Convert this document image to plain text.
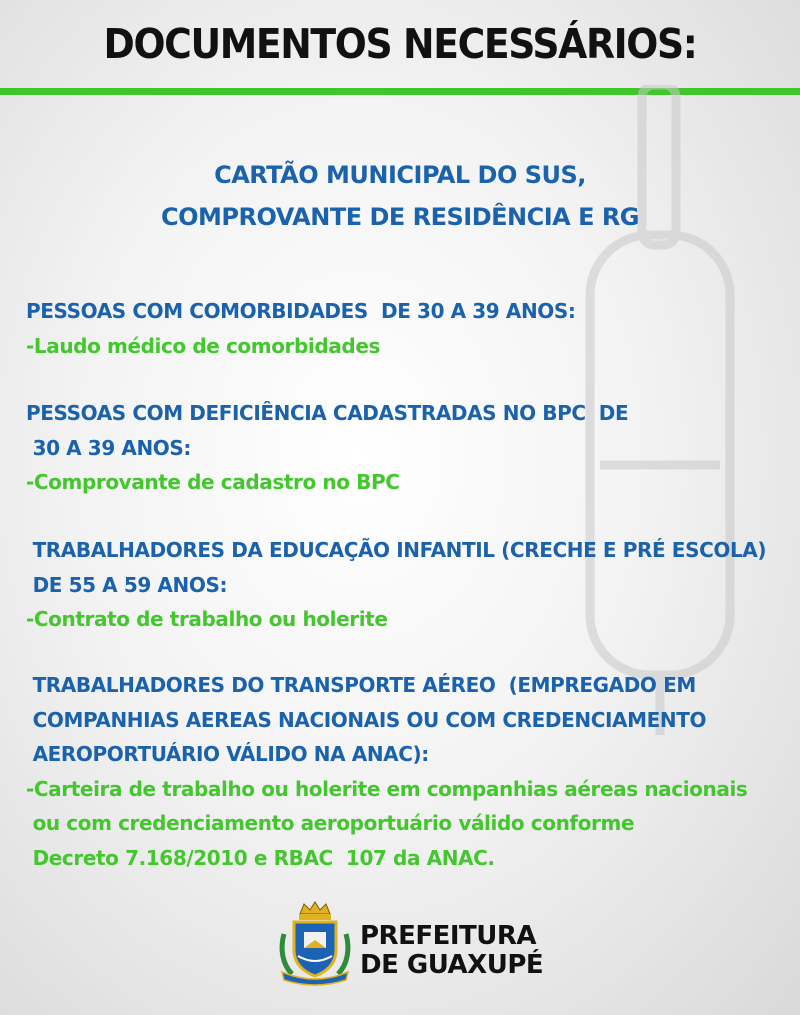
DOCUMENTOS NECESSÁRIOS:
CARTÃO MUNICIPAL DO SUS,
COMPROVANTE DE RESIDÊNCIA E RG
PESSOAS COM COMORBIDADES  DE 30 A 39 ANOS:
-Laudo médico de comorbidades
PESSOAS COM DEFICIÊNCIA CADASTRADAS NO BPC  DE
30 A 39 ANOS:
-Comprovante de cadastro no BPC
TRABALHADORES DA EDUCAÇÃO INFANTIL (CRECHE E PRÉ ESCOLA)
DE 55 A 59 ANOS:
-Contrato de trabalho ou holerite
TRABALHADORES DO TRANSPORTE AÉREO  (EMPREGADO EM
COMPANHIAS AEREAS NACIONAIS OU COM CREDENCIAMENTO
AEROPORTUÁRIO VÁLIDO NA ANAC):
-Carteira de trabalho ou holerite em companhias aéreas nacionais
ou com credenciamento aeroportuário válido conforme
Decreto 7.168/2010 e RBAC  107 da ANAC.
PREFEITURA
DE GUAXUPÉ
